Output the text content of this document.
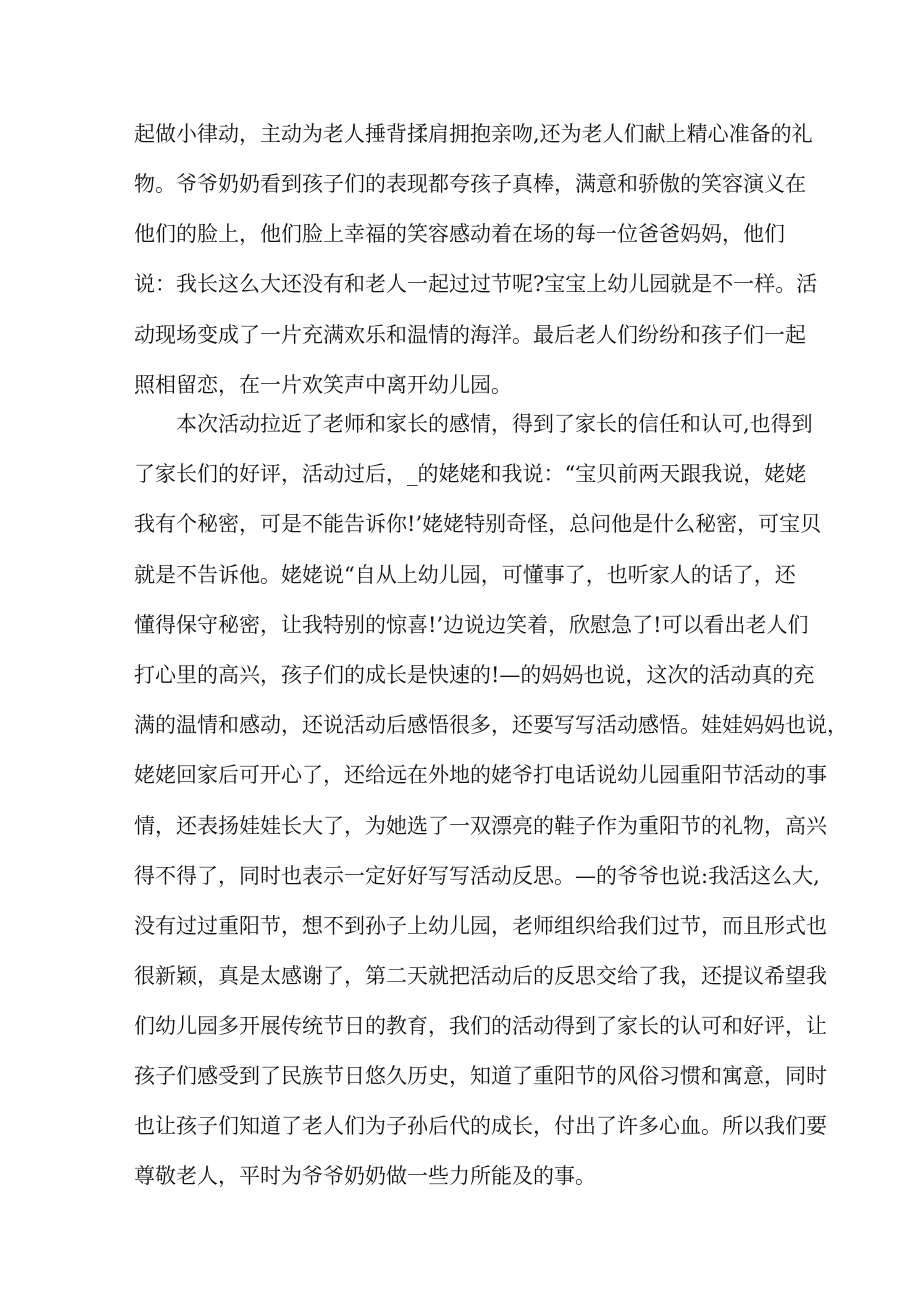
起做小律动，主动为老人捶背揉肩拥抱亲吻,还为老人们献上精心准备的礼

物。爷爷奶奶看到孩子们的表现都夸孩子真棒，满意和骄傲的笑容演义在

他们的脸上，他们脸上幸福的笑容感动着在场的每一位爸爸妈妈，他们

说：我长这么大还没有和老人一起过过节呢?宝宝上幼儿园就是不一样。活

动现场变成了一片充满欢乐和温情的海洋。最后老人们纷纷和孩子们一起

照相留恋，在一片欢笑声中离开幼儿园。

本次活动拉近了老师和家长的感情，得到了家长的信任和认可,也得到

了家长们的好评，活动过后，_的姥姥和我说：“宝贝前两天跟我说，姥姥

我有个秘密，可是不能告诉你!’姥姥特别奇怪，总问他是什么秘密，可宝贝

就是不告诉他。姥姥说“自从上幼儿园，可懂事了，也听家人的话了，还

懂得保守秘密，让我特别的惊喜!’边说边笑着，欣慰急了!可以看出老人们

打心里的高兴，孩子们的成长是快速的!—的妈妈也说，这次的活动真的充

满的温情和感动，还说活动后感悟很多，还要写写活动感悟。娃娃妈妈也说，

姥姥回家后可开心了，还给远在外地的姥爷打电话说幼儿园重阳节活动的事

情，还表扬娃娃长大了，为她选了一双漂亮的鞋子作为重阳节的礼物，高兴

得不得了，同时也表示一定好好写写活动反思。—的爷爷也说:我活这么大,

没有过过重阳节，想不到孙子上幼儿园，老师组织给我们过节，而且形式也

很新颖，真是太感谢了，第二天就把活动后的反思交给了我，还提议希望我

们幼儿园多开展传统节日的教育，我们的活动得到了家长的认可和好评，让

孩子们感受到了民族节日悠久历史，知道了重阳节的风俗习惯和寓意，同时

也让孩子们知道了老人们为子孙后代的成长，付出了许多心血。所以我们要

尊敬老人，平时为爷爷奶奶做一些力所能及的事。
